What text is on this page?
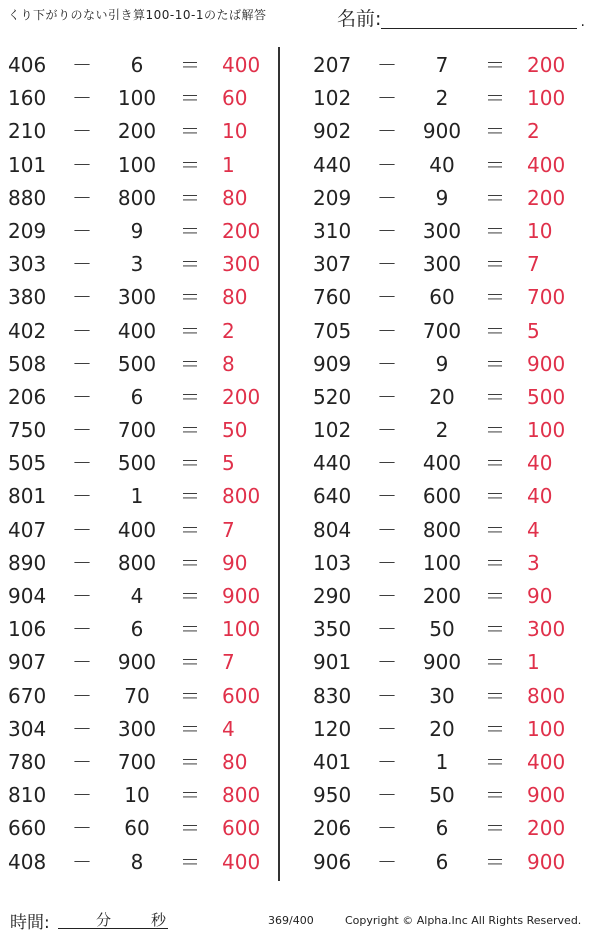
くり下がりのない引き算100-10-1のたば解答	名前:	.
406 －	6	＝ 400
160 － 100 ＝ 60
210 － 200 ＝ 10
101 － 100 ＝ 1
880 － 800 ＝ 80
209 －	9	＝ 200
303 －	3	＝ 300
380 － 300 ＝ 80
402 － 400 ＝ 2
508 － 500 ＝ 8
206 －	6	＝ 200
750 － 700 ＝ 50
505 － 500 ＝ 5
801 －	1	＝ 800
407 － 400 ＝ 7
890 － 800 ＝ 90
904 －	4	＝ 900
106 －	6	＝ 100
907 － 900 ＝ 7
670 －	70	＝ 600
304 － 300 ＝ 4
780 － 700 ＝ 80
810 －	10	＝ 800
660 －	60	＝ 600
408 －	8	＝ 400
207 －	7	＝ 200
102 －	2	＝ 100
902 － 900 ＝ 2
440 －	40	＝ 400
209 －	9	＝ 200
310 － 300 ＝ 10
307 － 300 ＝ 7
760 －	60	＝ 700
705 － 700 ＝ 5
909 －	9	＝ 900
520 －	20	＝ 500
102 －	2	＝ 100
440 － 400 ＝ 40
640 － 600 ＝ 40
804 － 800 ＝ 4
103 － 100 ＝ 3
290 － 200 ＝ 90
350 －	50	＝ 300
901 － 900 ＝ 1
830 －	30	＝ 800
120 －	20	＝ 100
401 －	1	＝ 400
950 －	50	＝ 900
206 －	6	＝ 200
906 －	6	＝ 900
時間:	分	秒	369/400	Copyright © Alpha.Inc All Rights Reserved.
